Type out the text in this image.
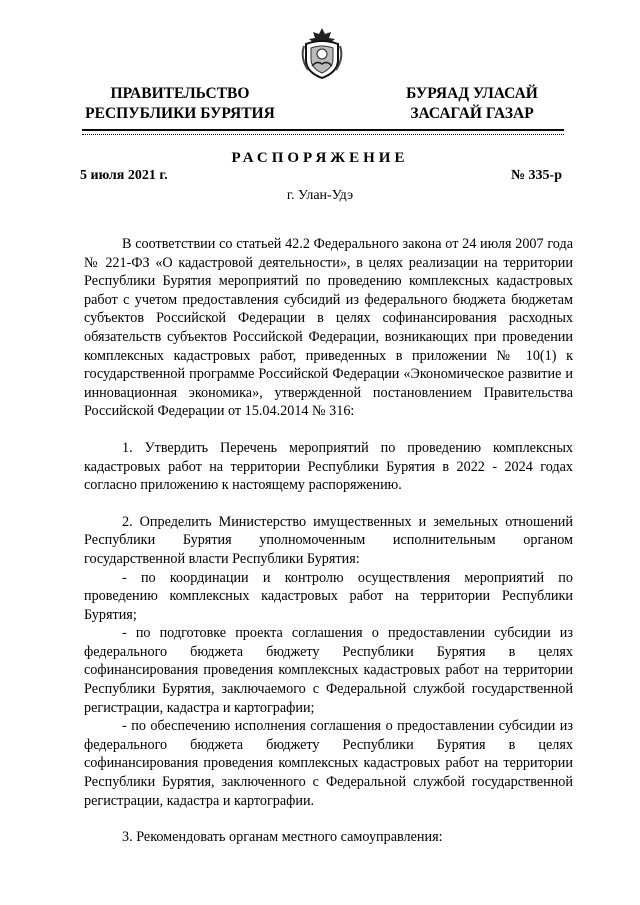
ПРАВИТЕЛЬСТВО
РЕСПУБЛИКИ БУРЯТИЯ
БУРЯАД УЛАСАЙ
ЗАСАГАЙ ГАЗАР
РАСПОРЯЖЕНИЕ
5 июля 2021 г.	№ 335-р
г. Улан-Удэ

В соответствии со статьей 42.2 Федерального закона от 24 июля 2007 года № 221-ФЗ «О кадастровой деятельности», в целях реализации на территории Республики Бурятия мероприятий по проведению комплексных кадастровых работ с учетом предоставления субсидий из федерального бюджета бюджетам субъектов Российской Федерации в целях софинансирования расходных обязательств субъектов Российской Федерации, возникающих при проведении комплексных кадастровых работ, приведенных в приложении № 10(1) к государственной программе Российской Федерации «Экономическое развитие и инновационная экономика», утвержденной постановлением Правительства Российской Федерации от 15.04.2014 № 316:

1. Утвердить Перечень мероприятий по проведению комплексных кадастровых работ на территории Республики Бурятия в 2022 - 2024 годах согласно приложению к настоящему распоряжению.

2. Определить Министерство имущественных и земельных отношений Республики Бурятия уполномоченным исполнительным органом государственной власти Республики Бурятия:

- по координации и контролю осуществления мероприятий по проведению комплексных кадастровых работ на территории Республики Бурятия;

- по подготовке проекта соглашения о предоставлении субсидии из федерального бюджета бюджету Республики Бурятия в целях софинансирования проведения комплексных кадастровых работ на территории Республики Бурятия, заключаемого с Федеральной службой государственной регистрации, кадастра и картографии;

- по обеспечению исполнения соглашения о предоставлении субсидии из федерального бюджета бюджету Республики Бурятия в целях софинансирования проведения комплексных кадастровых работ на территории Республики Бурятия, заключенного с Федеральной службой государственной регистрации, кадастра и картографии.

3. Рекомендовать органам местного самоуправления:
